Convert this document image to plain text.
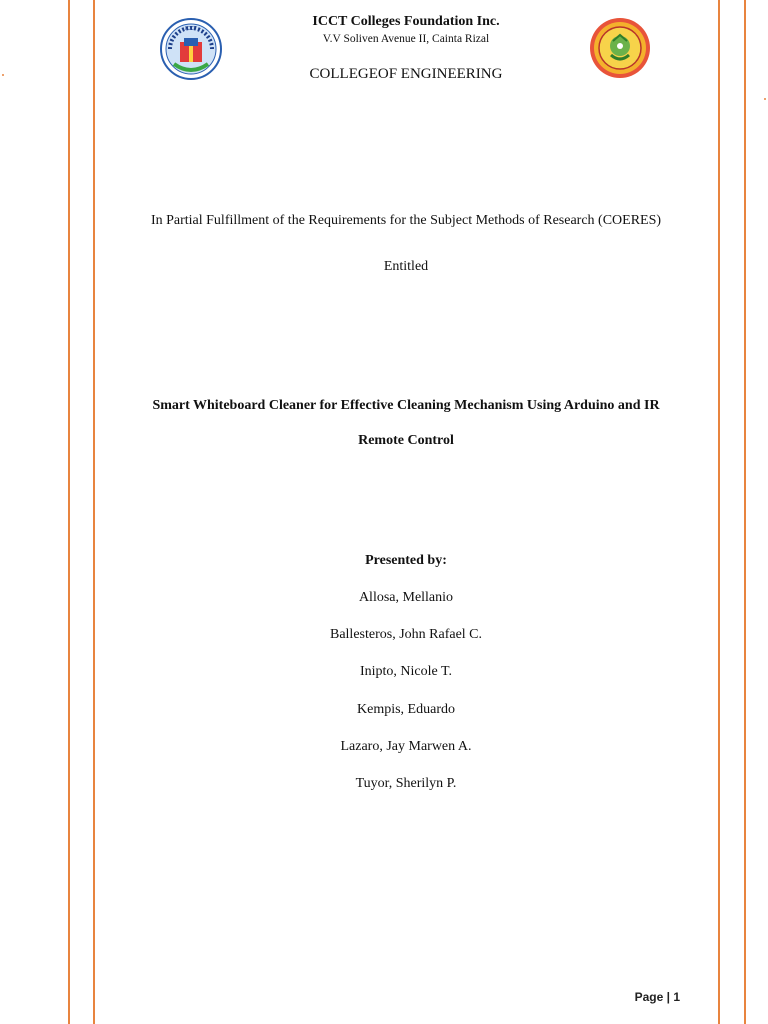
ICCT	ICCT Colleges Foundation Inc.
V.V Soliven Avenue II, Cainta Rizal
COLLEGEOF ENGINEERING
In Partial Fulfillment of the Requirements for the Subject Methods of Research (COERES)
Entitled
Smart Whiteboard Cleaner for Effective Cleaning Mechanism Using Arduino and IR
Remote Control
Presented by:
Allosa, Mellanio
Ballesteros, John Rafael C.
Inipto, Nicole T.
Kempis, Eduardo
Lazaro, Jay Marwen A.
Tuyor, Sherilyn P.
Page | 1
